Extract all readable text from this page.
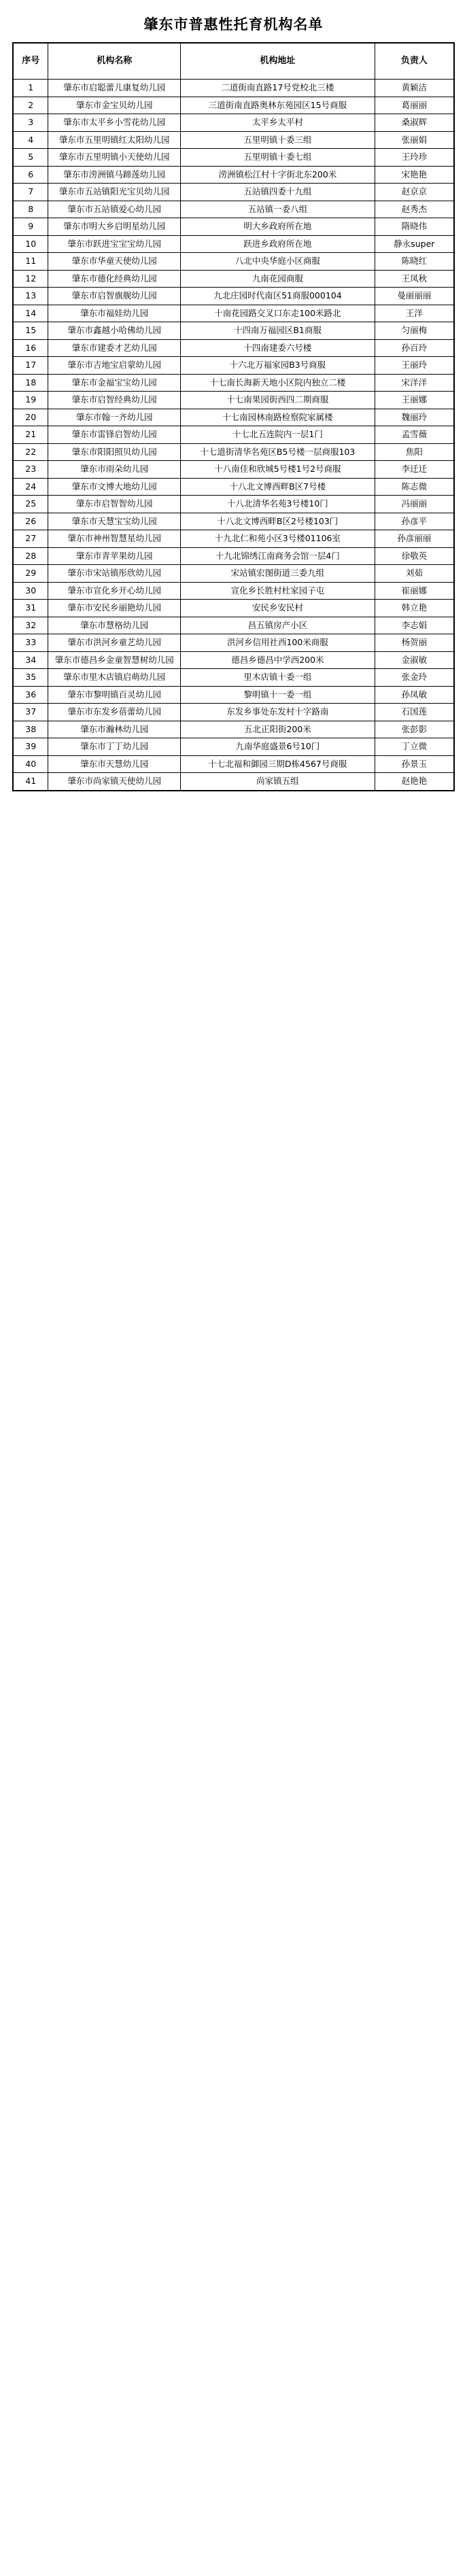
肇东市普惠性托育机构名单
序号	机构名称	机构地址	负责人
1	肇东市启聪蕾儿康复幼儿园	二道街南直路17号党校北三楼	黄颖洁
2	肇东市金宝贝幼儿园	三道街南直路奥林东苑园区15号商服	葛丽丽
3	肇东市太平乡小雪花幼儿园	太平乡太平村	桑淑辉
4	肇东市五里明镇红太阳幼儿园	五里明镇十委三组	张丽娟
5	肇东市五里明镇小天使幼儿园	五里明镇十委七组	王玲珍
6	肇东市涝洲镇马蹄莲幼儿园	涝洲镇松江村十字街北东200米	宋艳艳
7	肇东市五站镇阳光宝贝幼儿园	五站镇四委十九组	赵京京
8	肇东市五站镇爱心幼儿园	五站镇一委八组	赵秀杰
9	肇东市明大乡启明星幼儿园	明大乡政府所在地	隋晓伟
10	肇东市跃进宝宝宝幼儿园	跃进乡政府所在地	静永super
11	肇东市华童天使幼儿园	八北中央华庭小区商服	陈晓红
12	肇东市德化经典幼儿园	九南花园商服	王凤秋
13	肇东市启智旗舰幼儿园	九北庄园时代南区51商服000104	曼丽丽丽
14	肇东市福娃幼儿园	十南花园路交叉口东走100米路北	王洋
15	肇东市鑫越小哈佛幼儿园	十四南万福园区B1商服	匀丽梅
16	肇东市建委才艺幼儿园	十四南建委六号楼	孙百玲
17	肇东市吉地宝启蒙幼儿园	十六北万福家园B3号商服	王丽玲
18	肇东市金福宝宝幼儿园	十七南长海新天地小区院内独立二楼	宋洋洋
19	肇东市启智经典幼儿园	十七南果园街西四二期商服	王丽娜
20	肇东市翰一齐幼儿园	十七南园林南路检察院家属楼	魏丽玲
21	肇东市雷锋启智幼儿园	十七北五连院内一层1门	孟雪薇
22	肇东市阳阳照贝幼儿园	十七道街清华名苑区B5号楼一层商服103	焦阳
23	肇东市雨朵幼儿园	十八南佳和欣城5号楼1号2号商服	李迁迁
24	肇东市文博大地幼儿园	十八北文博西畔B区7号楼	陈志微
25	肇东市启智智幼儿园	十八北清华名苑3号楼10门	冯丽丽
26	肇东市天慧宝宝幼儿园	十八北文博西畔B区2号楼103门	孙彦平
27	肇东市神州智慧星幼儿园	十九北仁和苑小区3号楼01106室	孙彦丽丽
28	肇东市青苹果幼儿园	十九北锦绣江南商务会馆一层4门	徐敬英
29	肇东市宋站镇彤欣幼儿园	宋站镇宏图街道三委九组	刘茹
30	肇东市宣化乡开心幼儿园	宣化乡长胜村杜家园子屯	崔丽娜
31	肇东市安民乡丽艳幼儿园	安民乡安民村	韩立艳
32	肇东市慧格幼儿园	昌五镇房产小区	李志娟
33	肇东市洪河乡童艺幼儿园	洪河乡信用社西100米商服	杨贺丽
34	肇东市德昌乡金童智慧树幼儿园	德昌乡德昌中学西200米	金淑敏
35	肇东市里木店镇启萌幼儿园	里木店镇十委一组	张金玲
36	肇东市黎明镇百灵幼儿园	黎明镇十一委一组	孙凤敏
37	肇东市东发乡蓓蕾幼儿园	东发乡事处东发村十字路南	石国莲
38	肇东市瀚林幼儿园	五北正阳街200米	张彭影
39	肇东市丁丁幼儿园	九南华庭盛景6号10门	丁立微
40	肇东市天慧幼儿园	十七北福和御园三期D栋4567号商服	孙景玉
41	肇东市尚家镇天使幼儿园	尚家镇五组	赵艳艳
